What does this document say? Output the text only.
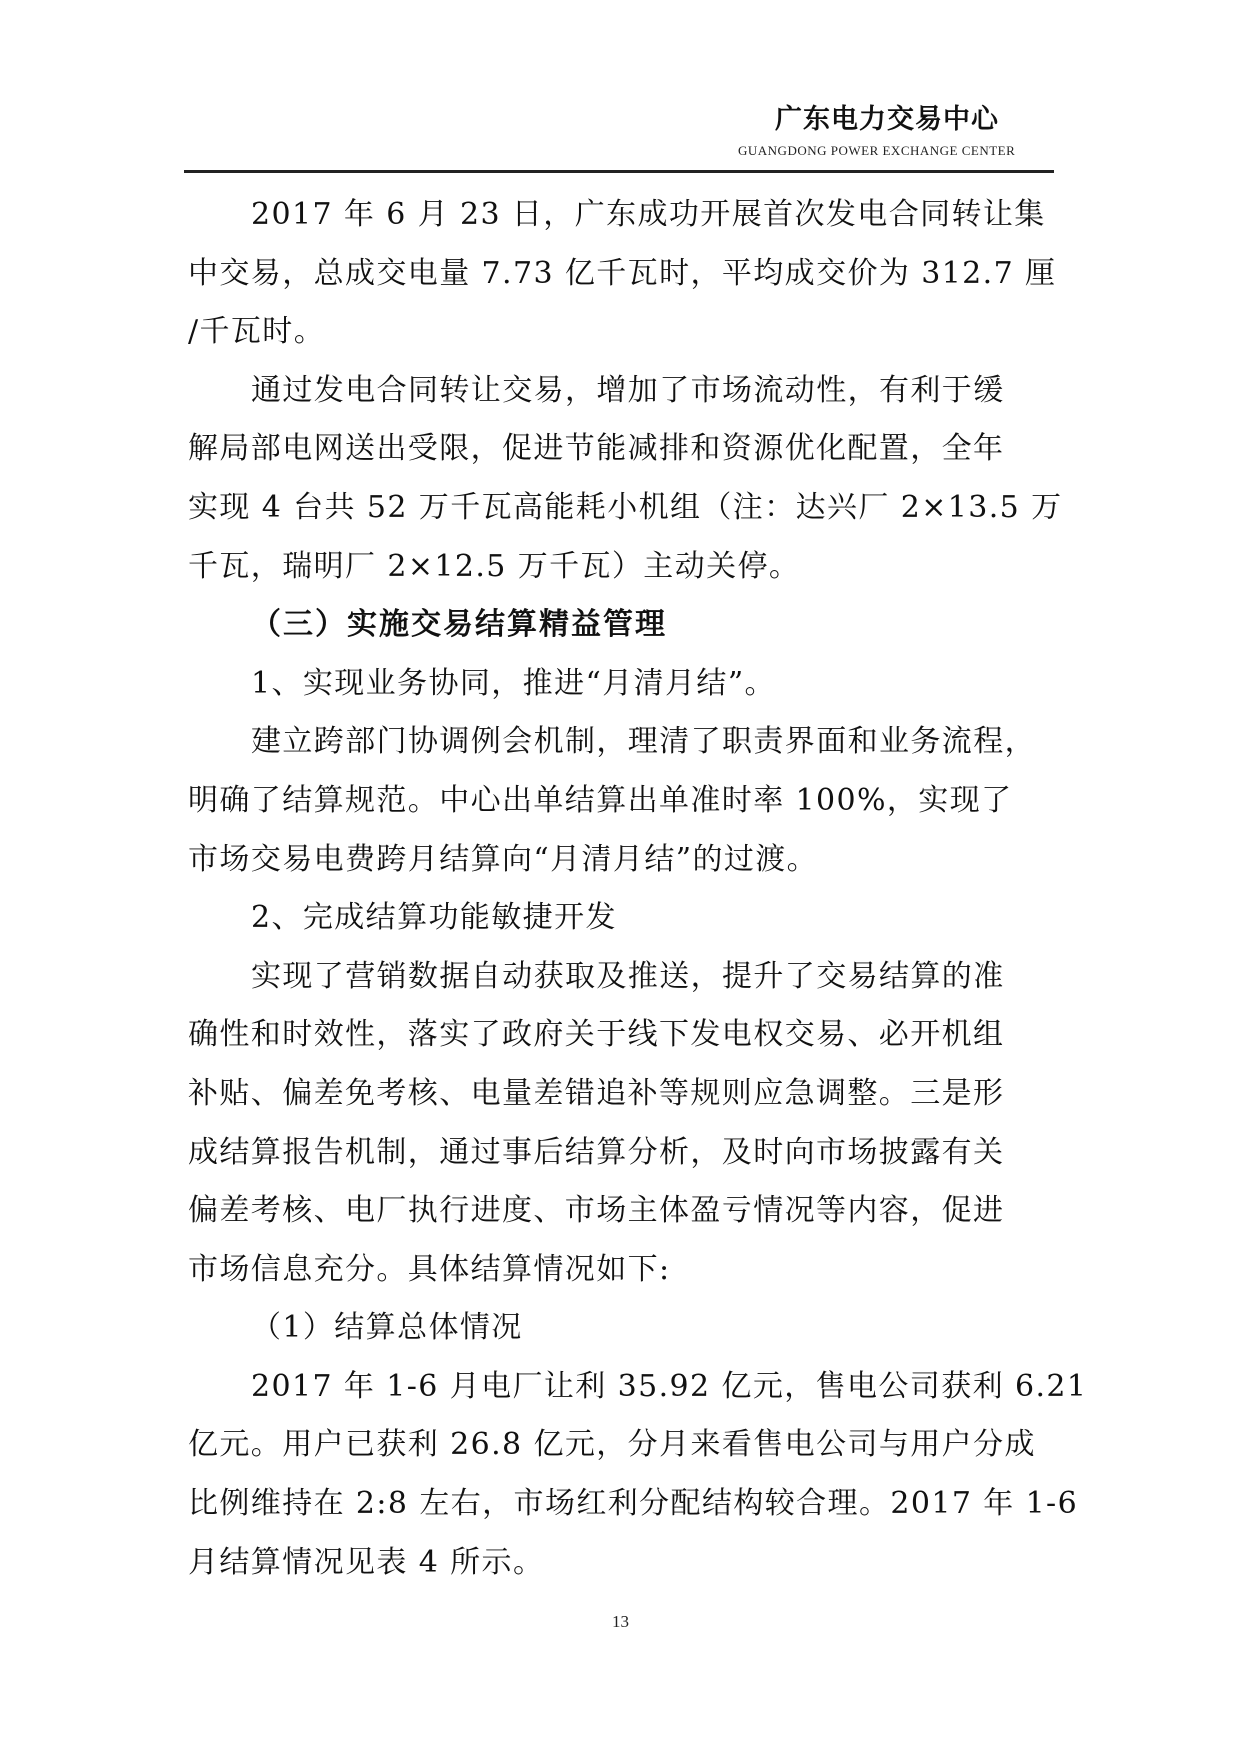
广东电力交易中心
GUANGDONG POWER EXCHANGE CENTER
2017 年 6 月 23 日，广东成功开展首次发电合同转让集
中交易，总成交电量 7.73 亿千瓦时，平均成交价为 312.7 厘
/千瓦时。
通过发电合同转让交易，增加了市场流动性，有利于缓
解局部电网送出受限，促进节能减排和资源优化配置，全年
实现 4 台共 52 万千瓦高能耗小机组（注：达兴厂 2×13.5 万
千瓦，瑞明厂 2×12.5 万千瓦）主动关停。
（三）实施交易结算精益管理
1、实现业务协同，推进“月清月结”。
建立跨部门协调例会机制，理清了职责界面和业务流程，
明确了结算规范。中心出单结算出单准时率 100%，实现了
市场交易电费跨月结算向“月清月结”的过渡。
2、完成结算功能敏捷开发
实现了营销数据自动获取及推送，提升了交易结算的准
确性和时效性，落实了政府关于线下发电权交易、必开机组
补贴、偏差免考核、电量差错追补等规则应急调整。三是形
成结算报告机制，通过事后结算分析，及时向市场披露有关
偏差考核、电厂执行进度、市场主体盈亏情况等内容，促进
市场信息充分。具体结算情况如下:
（1）结算总体情况
2017 年 1-6 月电厂让利 35.92 亿元，售电公司获利 6.21
亿元。用户已获利 26.8 亿元，分月来看售电公司与用户分成
比例维持在 2:8 左右，市场红利分配结构较合理。2017 年 1-6
月结算情况见表 4 所示。
13
